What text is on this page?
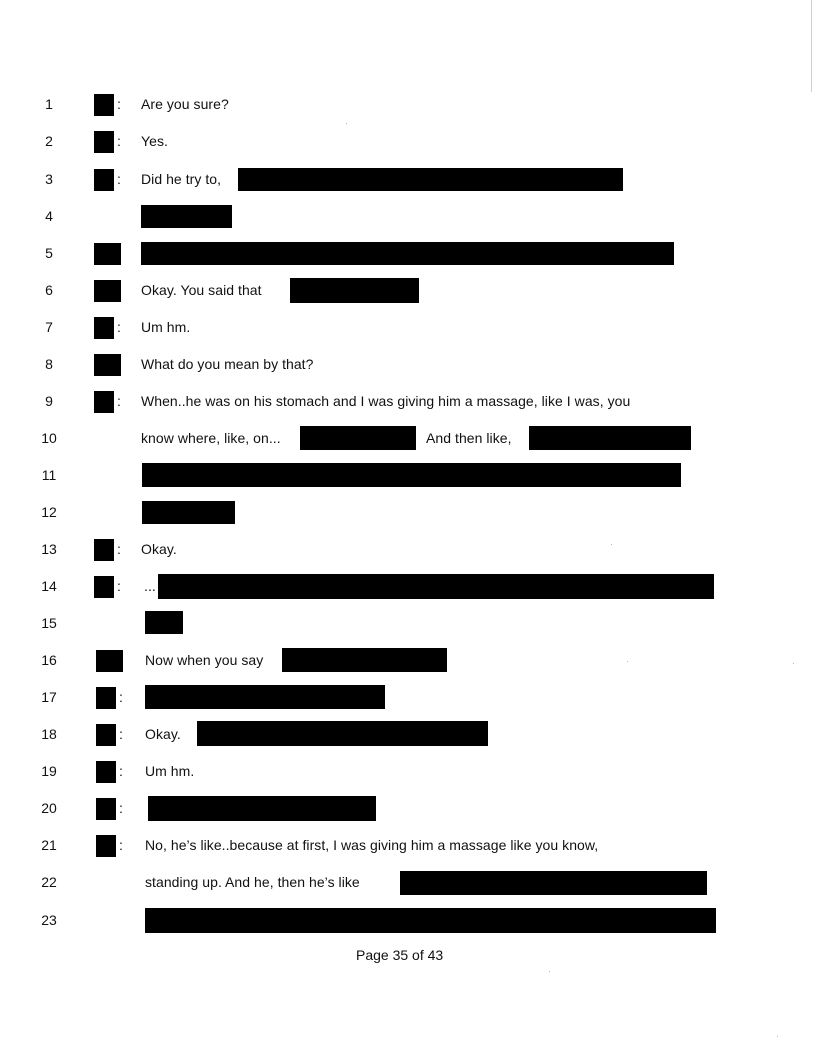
1
2
3
4
5
6
7
8
9
10
11
12
13
14
15
16
17
18
19
20
21
22
23
:
:
:
:
:
:
:
:
:
:
:
:
Are you sure?
Yes.
Did he try to,
Okay. You said that
Um hm.
What do you mean by that?
When..he was on his stomach and I was giving him a massage, like I was, you
know where, like, on...	And then like,
Okay.
...
Now when you say
Okay.
Um hm.
No, he’s like..because at first, I was giving him a massage like you know,
standing up. And he, then he’s like
Page 35 of 43
